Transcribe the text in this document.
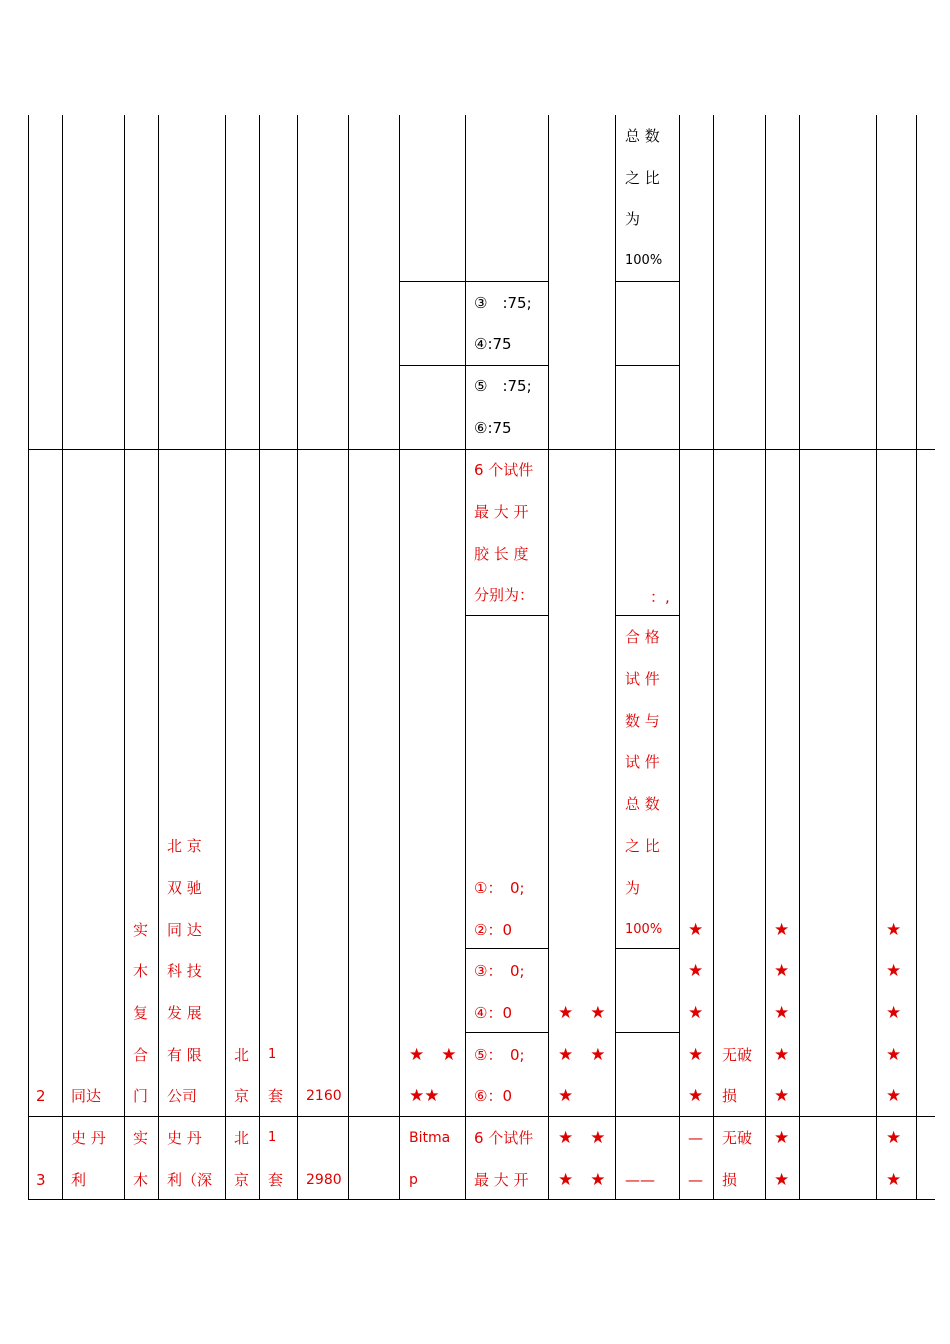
总 数
之 比
为
100%
③　:75;
④:75
⑤　:75;
⑥:75
2 同达
实
木
复
合
门
北 京
双 驰
同 达
科 技
发 展
有 限
公司
北
京
1
套 2160
★　★
★★
6 个试件
最 大 开
胶 长 度
分别为：
①：　0;
②：0
③：　0;
④：0
⑤：　0;
⑥：0
★　★
★　★
★
：,
合 格
试 件
数 与
试 件
总 数
之 比
为
100% ★
★
★
★
★
无破
损
★
★
★
★
★
★
★
★
★
★
3
史 丹
利
实
木
史 丹
利（深
北
京
1
套 2980
Bitma
p
6 个试件
最 大 开
★　★
★　★ ——
—
—
无破
损
★
★
★
★
